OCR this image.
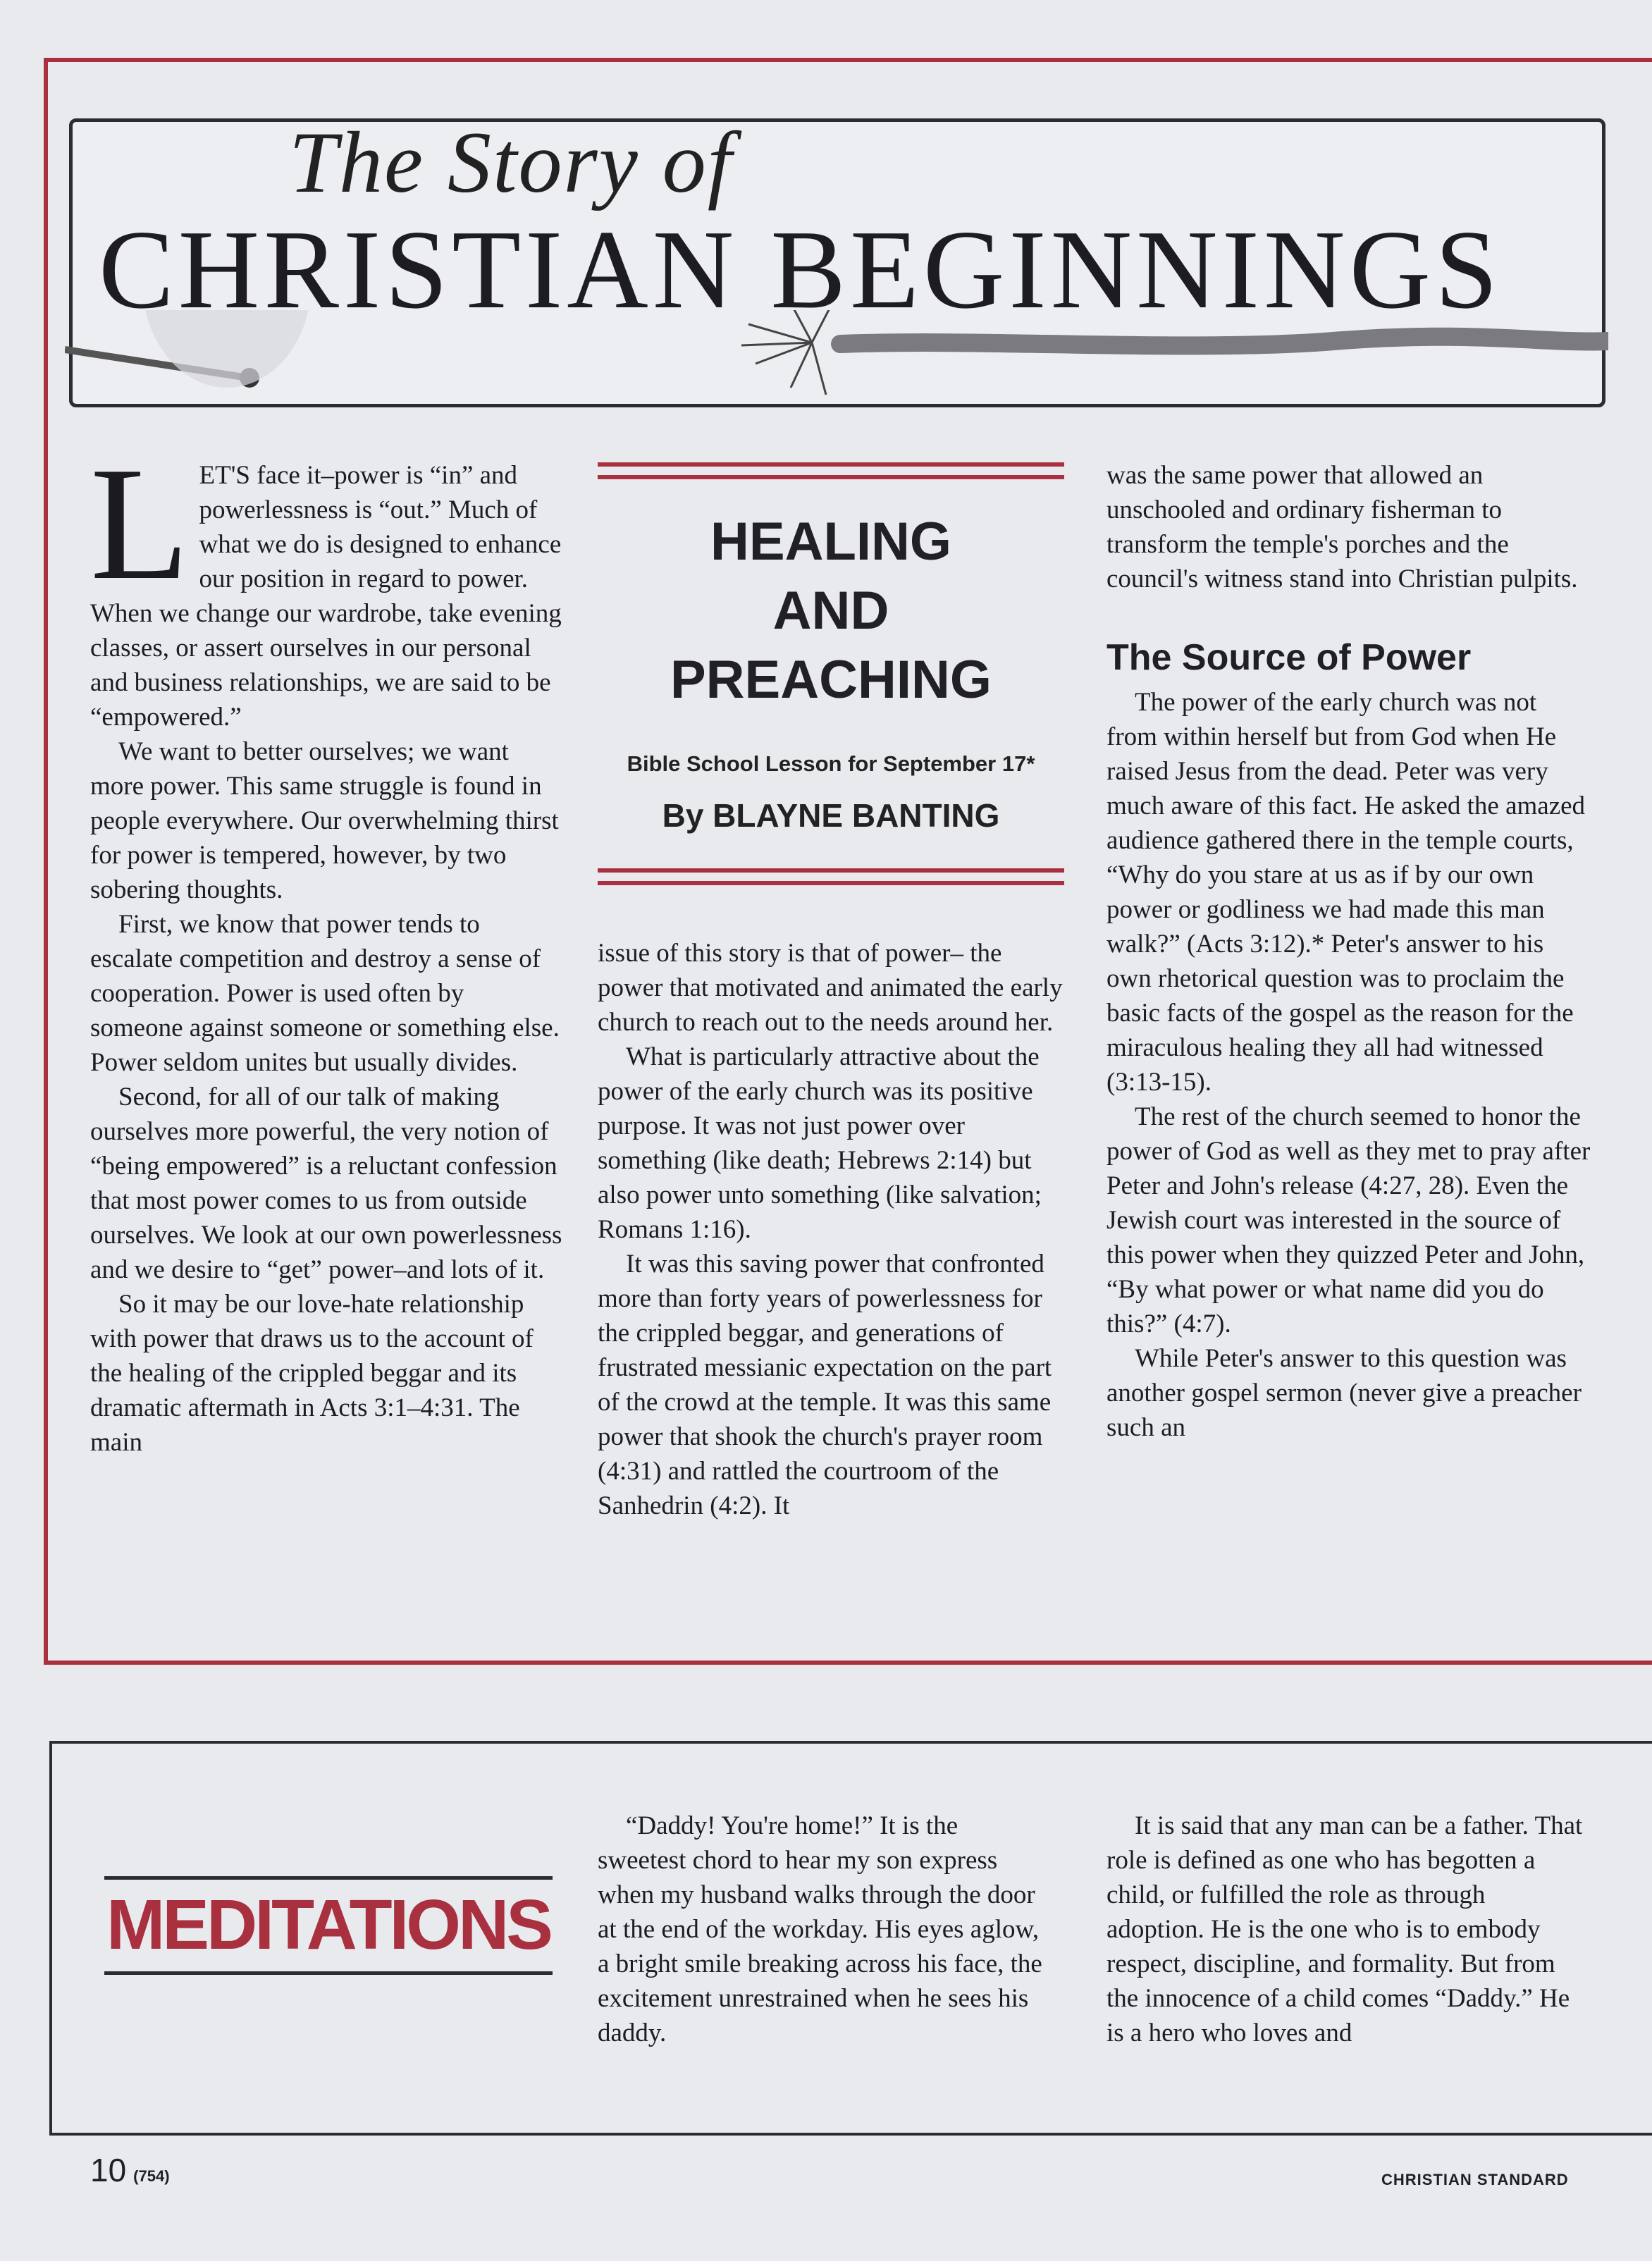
The Story of
CHRISTIAN BEGINNINGS
L ET'S face it–power is “in” and powerlessness is “out.” Much of what we do is designed to enhance our position in regard to power. When we change our wardrobe, take evening classes, or assert ourselves in our personal and business relationships, we are said to be “empowered.”

We want to better ourselves; we want more power. This same struggle is found in people everywhere. Our overwhelming thirst for power is tempered, however, by two sobering thoughts.

First, we know that power tends to escalate competition and destroy a sense of cooperation. Power is used often by someone against someone or something else. Power seldom unites but usually divides.

Second, for all of our talk of making ourselves more powerful, the very notion of “being empowered” is a reluctant confession that most power comes to us from outside ourselves. We look at our own powerlessness and we desire to “get” power–and lots of it.

So it may be our love-hate relationship with power that draws us to the account of the healing of the crippled beggar and its dramatic aftermath in Acts 3:1–4:31. The main

HEALING
AND
PREACHING
Bible School Lesson for September 17*
By BLAYNE BANTING

issue of this story is that of power– the power that motivated and animated the early church to reach out to the needs around her.

What is particularly attractive about the power of the early church was its positive purpose. It was not just power over something (like death; Hebrews 2:14) but also power unto something (like salvation; Romans 1:16).

It was this saving power that confronted more than forty years of powerlessness for the crippled beggar, and generations of frustrated messianic expectation on the part of the crowd at the temple. It was this same power that shook the church's prayer room (4:31) and rattled the courtroom of the Sanhedrin (4:2). It

was the same power that allowed an unschooled and ordinary fisherman to transform the temple's porches and the council's witness stand into Christian pulpits.

The Source of Power

The power of the early church was not from within herself but from God when He raised Jesus from the dead. Peter was very much aware of this fact. He asked the amazed audience gathered there in the temple courts, “Why do you stare at us as if by our own power or godliness we had made this man walk?” (Acts 3:12).* Peter's answer to his own rhetorical question was to proclaim the basic facts of the gospel as the reason for the miraculous healing they all had witnessed (3:13-15).

The rest of the church seemed to honor the power of God as well as they met to pray after Peter and John's release (4:27, 28). Even the Jewish court was interested in the source of this power when they quizzed Peter and John, “By what power or what name did you do this?” (4:7).

While Peter's answer to this question was another gospel sermon (never give a preacher such an

MEDITATIONS

“Daddy! You're home!” It is the sweetest chord to hear my son express when my husband walks through the door at the end of the workday. His eyes aglow, a bright smile breaking across his face, the excitement unrestrained when he sees his daddy.

It is said that any man can be a father. That role is defined as one who has begotten a child, or fulfilled the role as through adoption. He is the one who is to embody respect, discipline, and formality. But from the innocence of a child comes “Daddy.” He is a hero who loves and

10 (754)	CHRISTIAN STANDARD
